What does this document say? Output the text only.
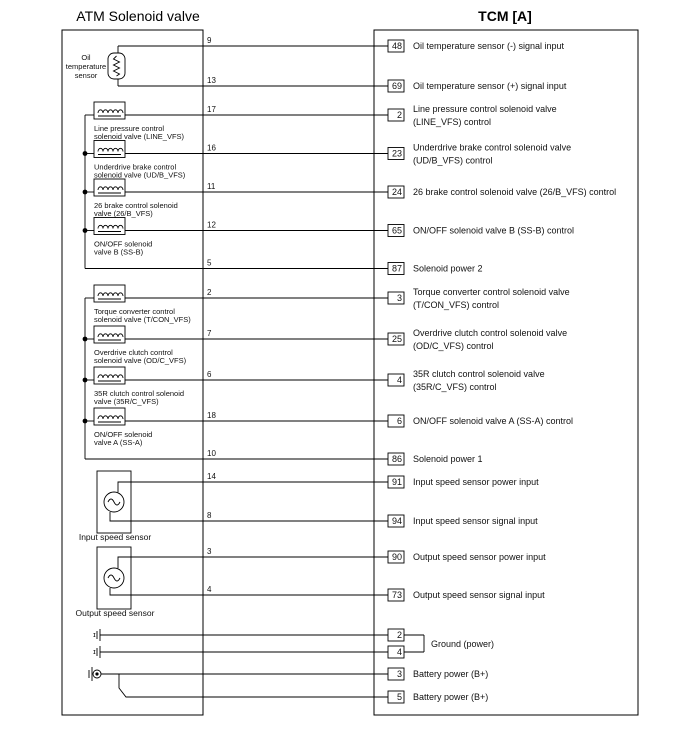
ATM Solenoid valve	TCM [A]
9
48 Oil temperature sensor (-) signal input
13
69 Oil temperature sensor (+) signal input
Oil
temperature
sensor
17
2
Line pressure control solenoid valve
(LINE_VFS) control
Line pressure control
solenoid valve (LINE_VFS)
16
23
Underdrive brake control solenoid valve
(UD/B_VFS) control
Underdrive brake control
solenoid valve (UD/B_VFS)
11
24 26 brake control solenoid valve (26/B_VFS) control
26 brake control solenoid
valve (26/B_VFS)
12
65 ON/OFF solenoid valve B (SS-B) control
ON/OFF solenoid
valve B (SS-B)
5
87 Solenoid power 2
2
3
Torque converter control solenoid valve
(T/CON_VFS) control
Torque converter control
solenoid valve (T/CON_VFS)
7
25
Overdrive clutch control solenoid valve
(OD/C_VFS) control
Overdrive clutch control
solenoid valve (OD/C_VFS)
6
4
35R clutch control solenoid valve
(35R/C_VFS) control
35R clutch control solenoid
valve (35R/C_VFS)
18
6 ON/OFF solenoid valve A (SS-A) control
ON/OFF solenoid
valve A (SS-A)
10
86 Solenoid power 1
14
91 Input speed sensor power input
8
94 Input speed sensor signal input
Input speed sensor
3
90 Output speed sensor power input
4
73 Output speed sensor signal input
Output speed sensor
ɪ	2
ɪ	4
Ground (power)
3 Battery power (B+)
5 Battery power (B+)
